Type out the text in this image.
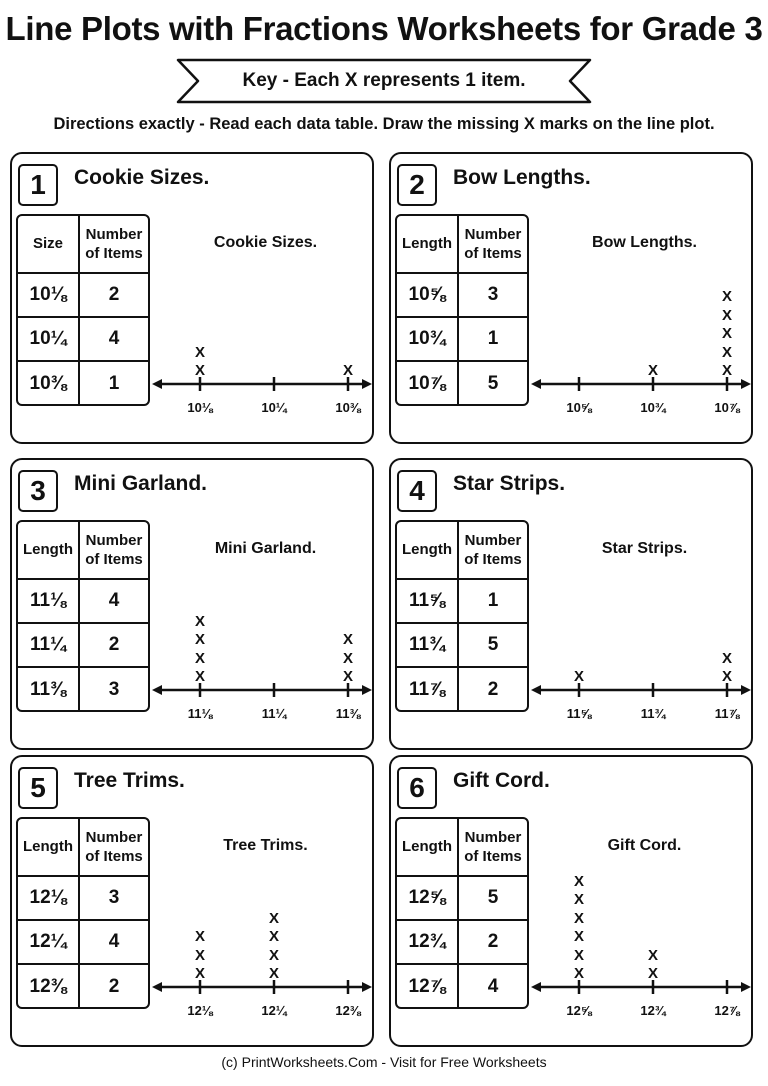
Line Plots with Fractions Worksheets for Grade 3
Key - Each X represents 1 item.
Directions exactly - Read each data table. Draw the missing X marks on the line plot.
1	Cookie Sizes.
Size
Number of Items
10⅛	2
10¼	4
10⅜	1
Cookie Sizes.
10⅛	10¼	10⅜
X
X
X
2	Bow Lengths.
Length
Number of Items
10⅝	3
10¾	1
10⅞	5
Bow Lengths.
10⅝	10¾	10⅞
X	X
X
X
X
X
3	Mini Garland.
Length
Number of Items
11⅛	4
11¼	2
11⅜	3
Mini Garland.
11⅛	11¼	11⅜
X
X
X
X
X
X
X
4	Star Strips.
Length
Number of Items
11⅝	1
11¾	5
11⅞	2
Star Strips.
11⅝	11¾	11⅞
X	X
X
5	Tree Trims.
Length
Number of Items
12⅛	3
12¼	4
12⅜	2
Tree Trims.
12⅛	12¼	12⅜
X
X
X
X
X
X
X
6	Gift Cord.
Length
Number of Items
12⅝	5
12¾	2
12⅞	4
Gift Cord.
12⅝	12¾	12⅞
X
X
X
X
X
X
X
X
(c) PrintWorksheets.Com - Visit for Free Worksheets
